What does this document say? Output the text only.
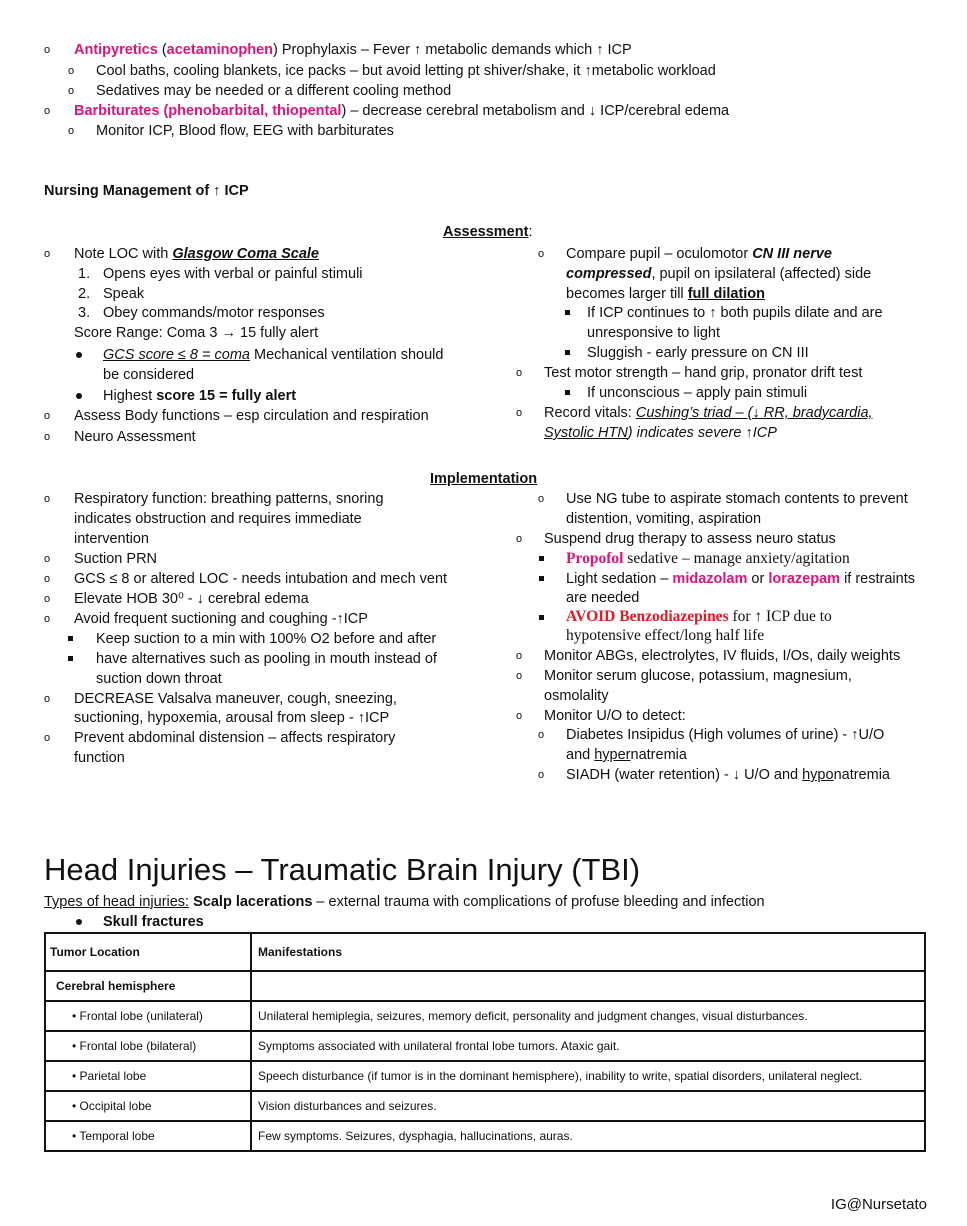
o Antipyretics (acetaminophen) Prophylaxis – Fever ↑ metabolic demands which ↑ ICP
o Cool baths, cooling blankets, ice packs – but avoid letting pt shiver/shake, it ↑metabolic workload
o Sedatives may be needed or a different cooling method
o Barbiturates (phenobarbital, thiopental) – decrease cerebral metabolism and ↓ ICP/cerebral edema
o Monitor ICP, Blood flow, EEG with barbiturates
Nursing Management of ↑ ICP
Assessment:
o Note LOC with Glasgow Coma Scale
1. Opens eyes with verbal or painful stimuli
2. Speak
3. Obey commands/motor responses
Score Range: Coma 3 → 15 fully alert
GCS score ≤ 8 = coma Mechanical ventilation should
be considered
Highest score 15 = fully alert
o Assess Body functions – esp circulation and respiration
o Neuro Assessment
o Compare pupil – oculomotor CN III nerve
compressed, pupil on ipsilateral (affected) side
becomes larger till full dilation
If ICP continues to ↑ both pupils dilate and are
unresponsive to light
Sluggish - early pressure on CN III
o Test motor strength – hand grip, pronator drift test
If unconscious – apply pain stimuli
o Record vitals: Cushing’s triad – (↓ RR, bradycardia,
Systolic HTN) indicates severe ↑ICP
Implementation
o Respiratory function: breathing patterns, snoring
indicates obstruction and requires immediate
intervention
o Suction PRN
o GCS ≤ 8 or altered LOC - needs intubation and mech vent
o Elevate HOB 30⁰ - ↓ cerebral edema
o Avoid frequent suctioning and coughing -↑ICP
Keep suction to a min with 100% O2 before and after
have alternatives such as pooling in mouth instead of
suction down throat
o DECREASE Valsalva maneuver, cough, sneezing,
suctioning, hypoxemia, arousal from sleep - ↑ICP
o Prevent abdominal distension – affects respiratory
function
o Use NG tube to aspirate stomach contents to prevent
distention, vomiting, aspiration
o Suspend drug therapy to assess neuro status
Propofol sedative – manage anxiety/agitation
Light sedation – midazolam or lorazepam if restraints
are needed
AVOID Benzodiazepines for ↑ ICP due to
hypotensive effect/long half life
o Monitor ABGs, electrolytes, IV fluids, I/Os, daily weights
o Monitor serum glucose, potassium, magnesium,
osmolality
o Monitor U/O to detect:
o Diabetes Insipidus (High volumes of urine) - ↑U/O
and hypernatremia
o SIADH (water retention) - ↓ U/O and hyponatremia
Head Injuries – Traumatic Brain Injury (TBI)
Types of head injuries: Scalp lacerations – external trauma with complications of profuse bleeding and infection
Skull fractures
Tumor Location	Manifestations
Cerebral hemisphere	
• Frontal lobe (unilateral)	Unilateral hemiplegia, seizures, memory deficit, personality and judgment changes, visual disturbances.
• Frontal lobe (bilateral)	Symptoms associated with unilateral frontal lobe tumors. Ataxic gait.
• Parietal lobe	Speech disturbance (if tumor is in the dominant hemisphere), inability to write, spatial disorders, unilateral neglect.
• Occipital lobe	Vision disturbances and seizures.
• Temporal lobe	Few symptoms. Seizures, dysphagia, hallucinations, auras.
IG@Nursetato
